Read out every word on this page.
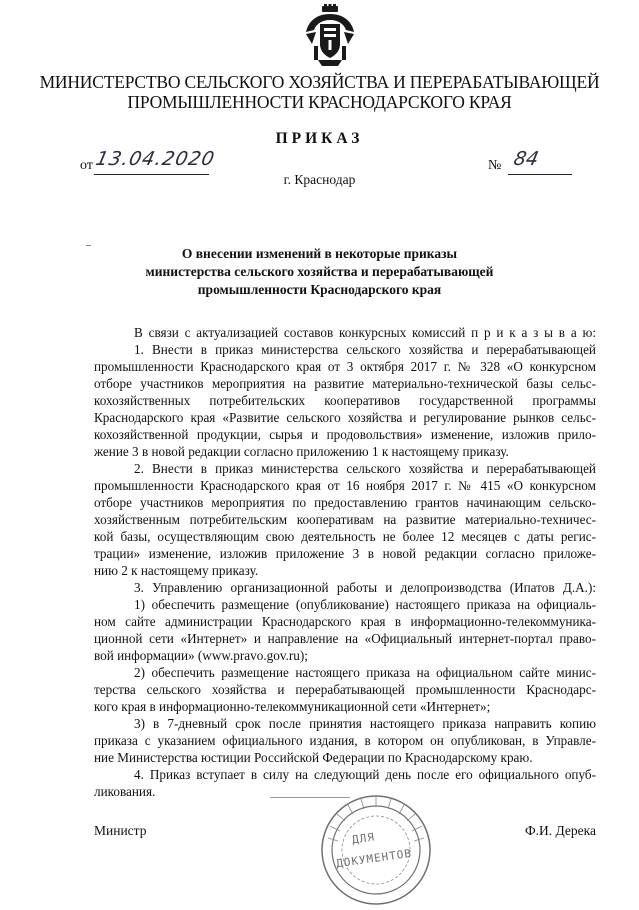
МИНИСТЕРСТВО СЕЛЬСКОГО ХОЗЯЙСТВА И ПЕРЕРАБАТЫВАЮЩЕЙ
ПРОМЫШЛЕННОСТИ КРАСНОДАРСКОГО КРАЯ
ПРИКАЗ
от 13.04.2020	№ 84
г. Краснодар
О внесении изменений в некоторые приказы
министерства сельского хозяйства и перерабатывающей
промышленности Краснодарского края
В связи с актуализацией составов конкурсных комиссий п р и к а з ы в а ю:
1. Внести в приказ министерства сельского хозяйства и перерабатывающей
промышленности Краснодарского края от 3 октября 2017 г. № 328 «О конкурсном
отборе участников мероприятия на развитие материально-технической базы сельс-
кохозяйственных потребительских кооперативов государственной программы
Краснодарского края «Развитие сельского хозяйства и регулирование рынков сельс-
кохозяйственной продукции, сырья и продовольствия» изменение, изложив прило-
жение 3 в новой редакции согласно приложению 1 к настоящему приказу.
2. Внести в приказ министерства сельского хозяйства и перерабатывающей
промышленности Краснодарского края от 16 ноября 2017 г. № 415 «О конкурсном
отборе участников мероприятия по предоставлению грантов начинающим сельско-
хозяйственным потребительским кооперативам на развитие материально-техничес-
кой базы, осуществляющим свою деятельность не более 12 месяцев с даты регис-
трации» изменение, изложив приложение 3 в новой редакции согласно приложе-
нию 2 к настоящему приказу.
3. Управлению организационной работы и делопроизводства (Ипатов Д.А.):
1) обеспечить размещение (опубликование) настоящего приказа на официаль-
ном сайте администрации Краснодарского края в информационно-телекоммуника-
ционной сети «Интернет» и направление на «Официальный интернет-портал право-
вой информации» (www.pravo.gov.ru);
2) обеспечить размещение настоящего приказа на официальном сайте минис-
терства сельского хозяйства и перерабатывающей промышленности Краснодарс-
кого края в информационно-телекоммуникационной сети «Интернет»;
3) в 7-дневный срок после принятия настоящего приказа направить копию
приказа с указанием официального издания, в котором он опубликован, в Управле-
ние Министерства юстиции Российской Федерации по Краснодарскому краю.
4. Приказ вступает в силу на следующий день после его официального опуб-
ликования.
ДЛЯ
ДОКУМЕНТОВ
Министр	Ф.И. Дерека
